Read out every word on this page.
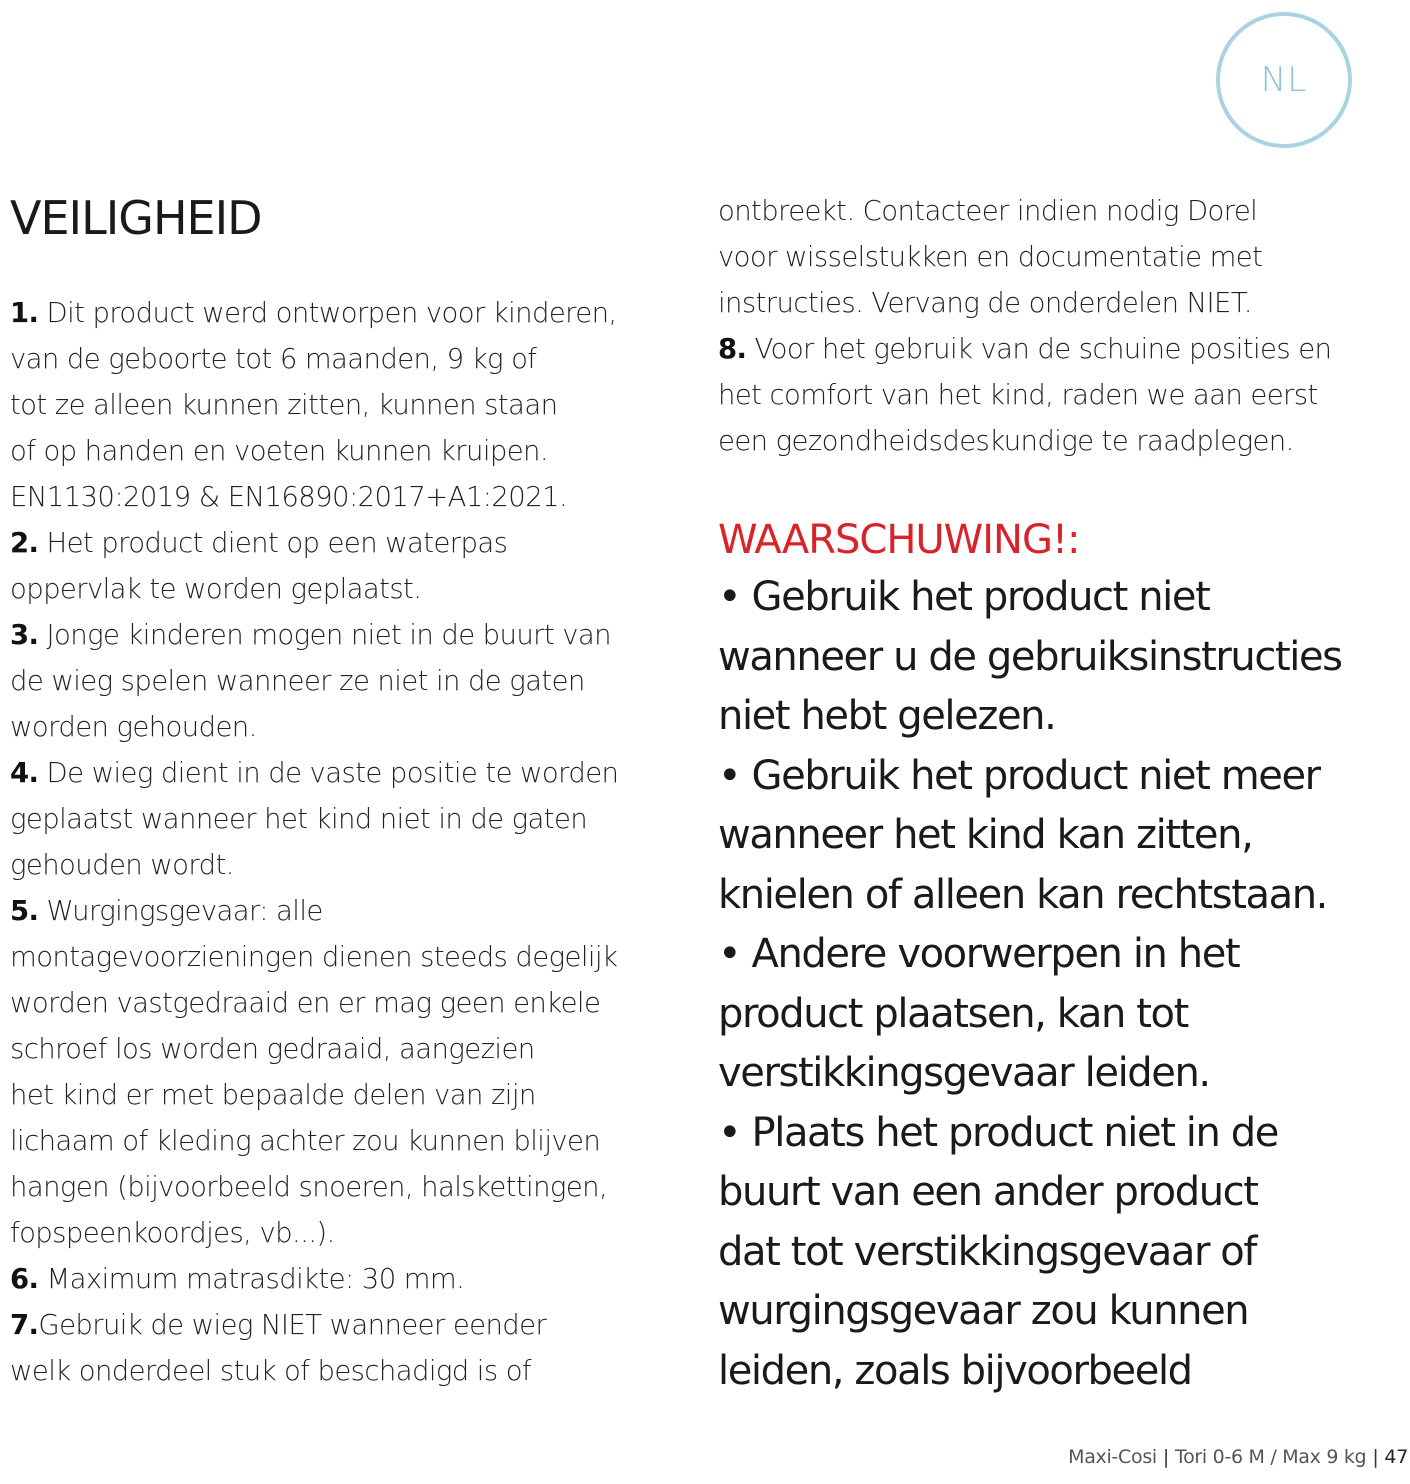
NL
VEILIGHEID
1. Dit product werd ontworpen voor kinderen,
van de geboorte tot 6 maanden, 9 kg of
tot ze alleen kunnen zitten, kunnen staan
of op handen en voeten kunnen kruipen.
EN1130:2019 & EN16890:2017+A1:2021.
2. Het product dient op een waterpas
oppervlak te worden geplaatst.
3. Jonge kinderen mogen niet in de buurt van
de wieg spelen wanneer ze niet in de gaten
worden gehouden.
4. De wieg dient in de vaste positie te worden
geplaatst wanneer het kind niet in de gaten
gehouden wordt.
5. Wurgingsgevaar: alle
montagevoorzieningen dienen steeds degelijk
worden vastgedraaid en er mag geen enkele
schroef los worden gedraaid, aangezien
het kind er met bepaalde delen van zijn
lichaam of kleding achter zou kunnen blijven
hangen (bijvoorbeeld snoeren, halskettingen,
fopspeenkoordjes, vb...).
6. Maximum matrasdikte: 30 mm.
7.Gebruik de wieg NIET wanneer eender
welk onderdeel stuk of beschadigd is of
ontbreekt. Contacteer indien nodig Dorel
voor wisselstukken en documentatie met
instructies. Vervang de onderdelen NIET.
8. Voor het gebruik van de schuine posities en
het comfort van het kind, raden we aan eerst
een gezondheidsdeskundige te raadplegen.
WAARSCHUWING!:
• Gebruik het product niet
wanneer u de gebruiksinstructies
niet hebt gelezen.
• Gebruik het product niet meer
wanneer het kind kan zitten,
knielen of alleen kan rechtstaan.
• Andere voorwerpen in het
product plaatsen, kan tot
verstikkingsgevaar leiden.
• Plaats het product niet in de
buurt van een ander product
dat tot verstikkingsgevaar of
wurgingsgevaar zou kunnen
leiden, zoals bijvoorbeeld
Maxi-Cosi | Tori 0-6 M / Max 9 kg | 47
